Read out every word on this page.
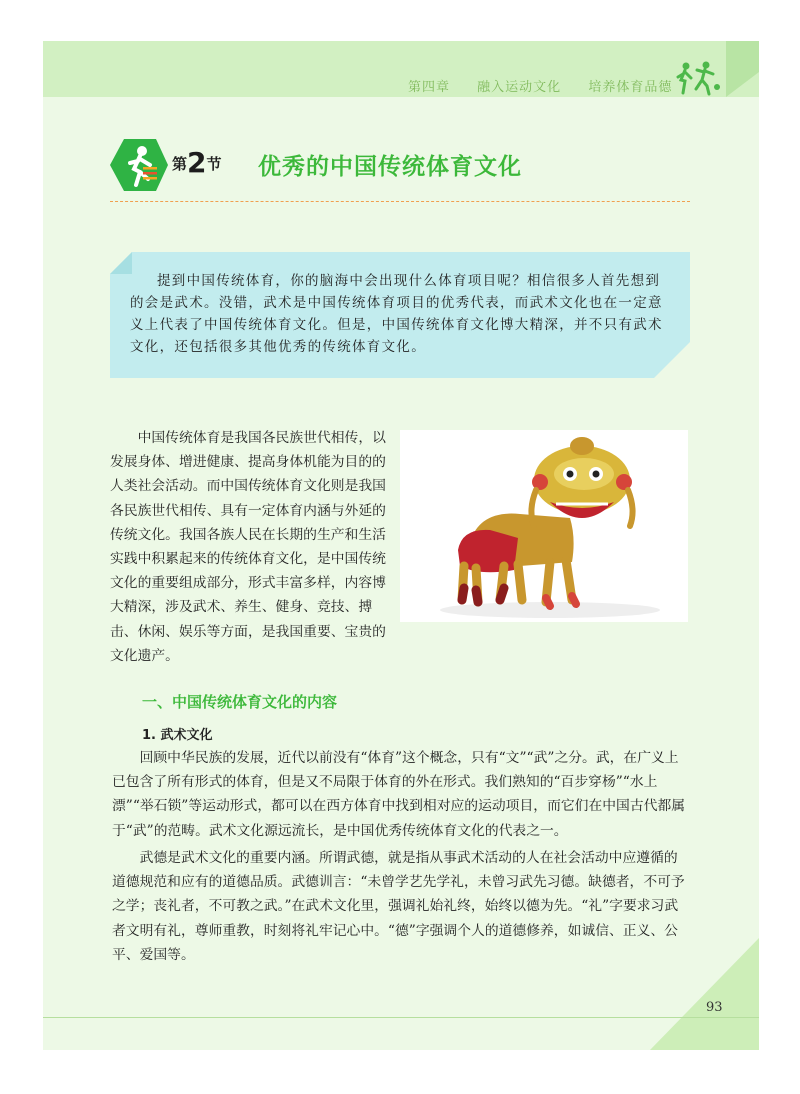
第四章 融入运动文化 培养体育品德
第2节 优秀的中国传统体育文化

提到中国传统体育，你的脑海中会出现什么体育项目呢？相信很多人首先想到的会是武术。没错，武术是中国传统体育项目的优秀代表，而武术文化也在一定意义上代表了中国传统体育文化。但是，中国传统体育文化博大精深，并不只有武术文化，还包括很多其他优秀的传统体育文化。

中国传统体育是我国各民族世代相传，以发展身体、增进健康、提高身体机能为目的的人类社会活动。而中国传统体育文化则是我国各民族世代相传、具有一定体育内涵与外延的传统文化。我国各族人民在长期的生产和生活实践中积累起来的传统体育文化，是中国传统文化的重要组成部分，形式丰富多样，内容博大精深，涉及武术、养生、健身、竞技、搏击、休闲、娱乐等方面，是我国重要、宝贵的文化遗产。

一、中国传统体育文化的内容
1. 武术文化

回顾中华民族的发展，近代以前没有“体育”这个概念，只有“文”“武”之分。武，在广义上已包含了所有形式的体育，但是又不局限于体育的外在形式。我们熟知的“百步穿杨”“水上漂”“举石锁”等运动形式，都可以在西方体育中找到相对应的运动项目，而它们在中国古代都属于“武”的范畴。武术文化源远流长，是中国优秀传统体育文化的代表之一。

武德是武术文化的重要内涵。所谓武德，就是指从事武术活动的人在社会活动中应遵循的道德规范和应有的道德品质。武德训言：“未曾学艺先学礼，未曾习武先习德。缺德者，不可予之学；丧礼者，不可教之武。”在武术文化里，强调礼始礼终，始终以德为先。“礼”字要求习武者文明有礼，尊师重教，时刻将礼牢记心中。“德”字强调个人的道德修养，如诚信、正义、公平、爱国等。

93
